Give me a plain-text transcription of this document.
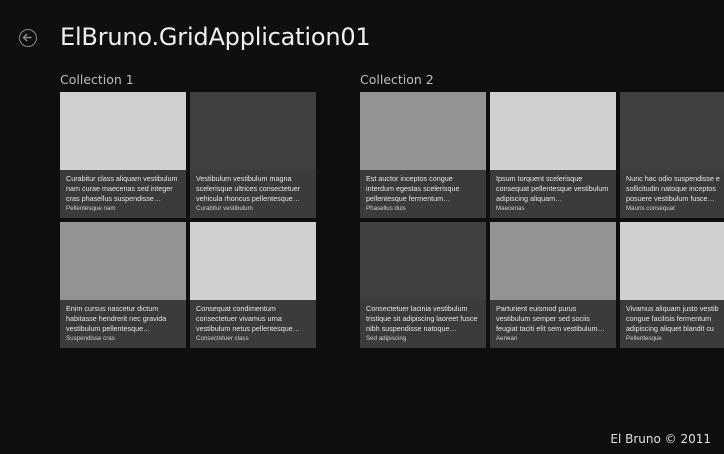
ElBruno.GridApplication01
Collection 1
Curabitur class aliquam vestibulum nam curae maecenas sed integer cras phasellus suspendisse…
Pellentesque nam
Vestibulum vestibulum magna scelerisque ultrices consectetuer vehicula rhoncus pellentesque…
Curabitur vestibulum
Enim cursus nascetur dictum habitasse hendrerit nec gravida vestibulum pellentesque…
Suspendisse cras
Consequat condimentum consectetuer vivamus urna vestibulum netus pellentesque…
Consectetuer class
Collection 2
Est auctor inceptos congue interdum egestas scelerisque pellentesque fermentum…
Phasellus duis
Ipsum torquent scelerisque consequat pellentesque vestibulum adipiscing aliquam…
Maecenas
Nunc hac odio suspendisse e sollicitudin natoque inceptos posuere vestibulum fusce…
Mauris consequat
Consectetuer lacinia vestibulum tristique sit adipiscing laoreet fusce nibh suspendisse natoque…
Sed adipiscing
Parturient euismod purus vestibulum semper sed sociis feugiat taciti elit sem vestibulum…
Aenean
Vivamus aliquam justo vestib congue facilisis fermentum adipiscing aliquet blandit cu
Pellentesque
El Bruno © 2011
